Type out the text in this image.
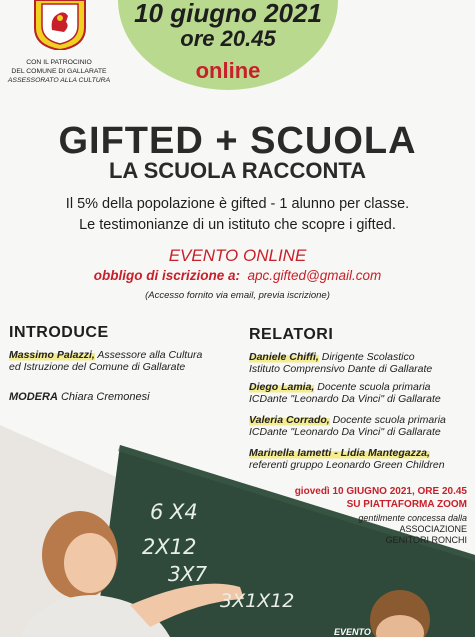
CON IL PATROCINIO
DEL COMUNE DI GALLARATE
ASSESSORATO ALLA CULTURA
10 giugno 2021
ore 20.45
online
GIFTED + SCUOLA
LA SCUOLA RACCONTA
Il 5% della popolazione è gifted - 1 alunno per classe.
Le testimonianze di un istituto che scopre i gifted.
EVENTO ONLINE
obbligo di iscrizione a: apc.gifted@gmail.com
(Accesso fornito via email, previa iscrizione)
INTRODUCE
Massimo Palazzi, Assessore alla Cultura
ed Istruzione del Comune di Gallarate
MODERA Chiara Cremonesi
RELATORI
Daniele Chiffi, Dirigente Scolastico
Istituto Comprensivo Dante di Gallarate
Diego Lamia, Docente scuola primaria
ICDante "Leonardo Da Vinci" di Gallarate
Valeria Corrado, Docente scuola primaria
ICDante "Leonardo Da Vinci" di Gallarate
Marinella Iametti - Lidia Mantegazza,
referenti gruppo Leonardo Green Children
6 X4
2X12
3X7
3X1X12
giovedì 10 GIUGNO 2021, ORE 20.45
SU PIATTAFORMA ZOOM
gentilmente concessa dalla
ASSOCIAZIONE
GENITORI RONCHI
EVENTO
